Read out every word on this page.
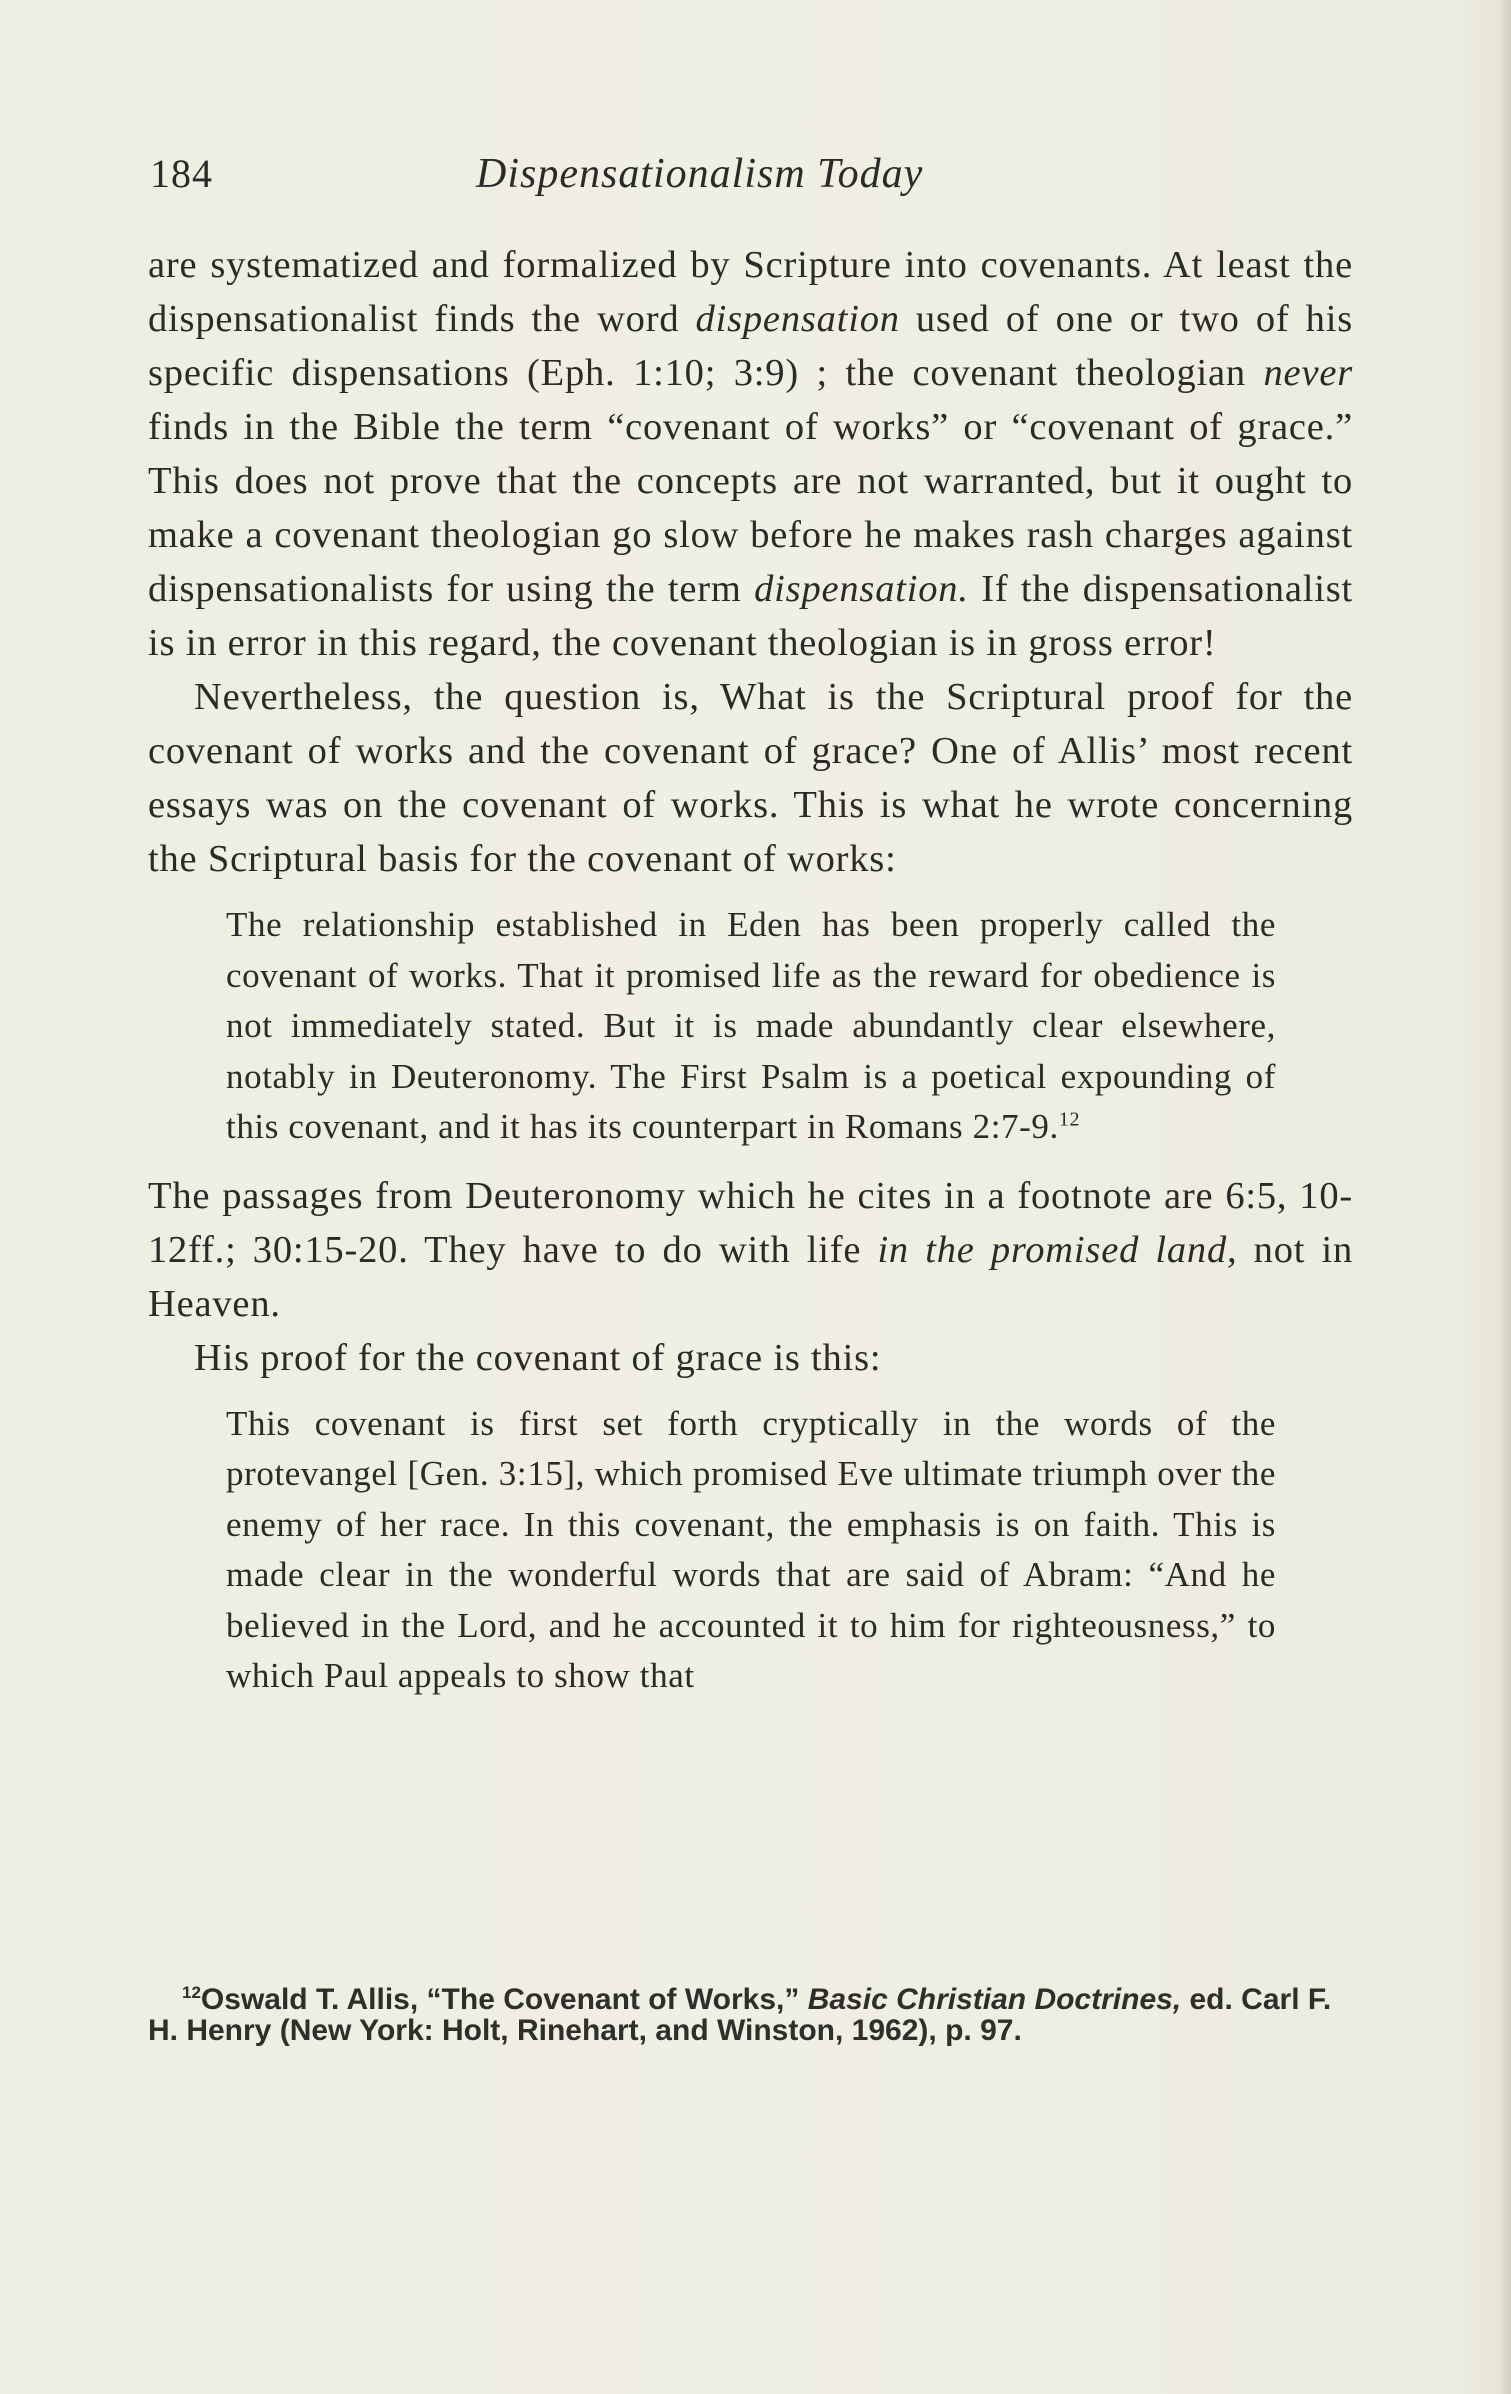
184	Dispensationalism Today

are systematized and formalized by Scripture into covenants. At least the dispensationalist finds the word dispensation used of one or two of his specific dispensations (Eph. 1:10; 3:9) ; the covenant theologian never finds in the Bible the term “covenant of works” or “covenant of grace.” This does not prove that the concepts are not warranted, but it ought to make a covenant theologian go slow before he makes rash charges against dispensationalists for using the term dispensation. If the dispensationalist is in error in this regard, the covenant theologian is in gross error!

Nevertheless, the question is, What is the Scriptural proof for the covenant of works and the covenant of grace? One of Allis’ most recent essays was on the covenant of works. This is what he wrote concerning the Scriptural basis for the covenant of works:

The relationship established in Eden has been properly called the covenant of works. That it promised life as the reward for obedience is not immediately stated. But it is made abundantly clear elsewhere, notably in Deuteronomy. The First Psalm is a poetical expounding of this covenant, and it has its counterpart in Romans 2:7-9.12

The passages from Deuteronomy which he cites in a footnote are 6:5, 10-12ff.; 30:15-20. They have to do with life in the promised land, not in Heaven.

His proof for the covenant of grace is this:

This covenant is first set forth cryptically in the words of the protevangel [Gen. 3:15], which promised Eve ultimate triumph over the enemy of her race. In this covenant, the emphasis is on faith. This is made clear in the wonderful words that are said of Abram: “And he believed in the Lord, and he accounted it to him for righteousness,” to which Paul appeals to show that

$^{12}$Oswald T. Allis, “The Covenant of Works,” Basic Christian Doctrines, ed. Carl F. H. Henry (New York: Holt, Rinehart, and Winston, 1962), p. 97.
